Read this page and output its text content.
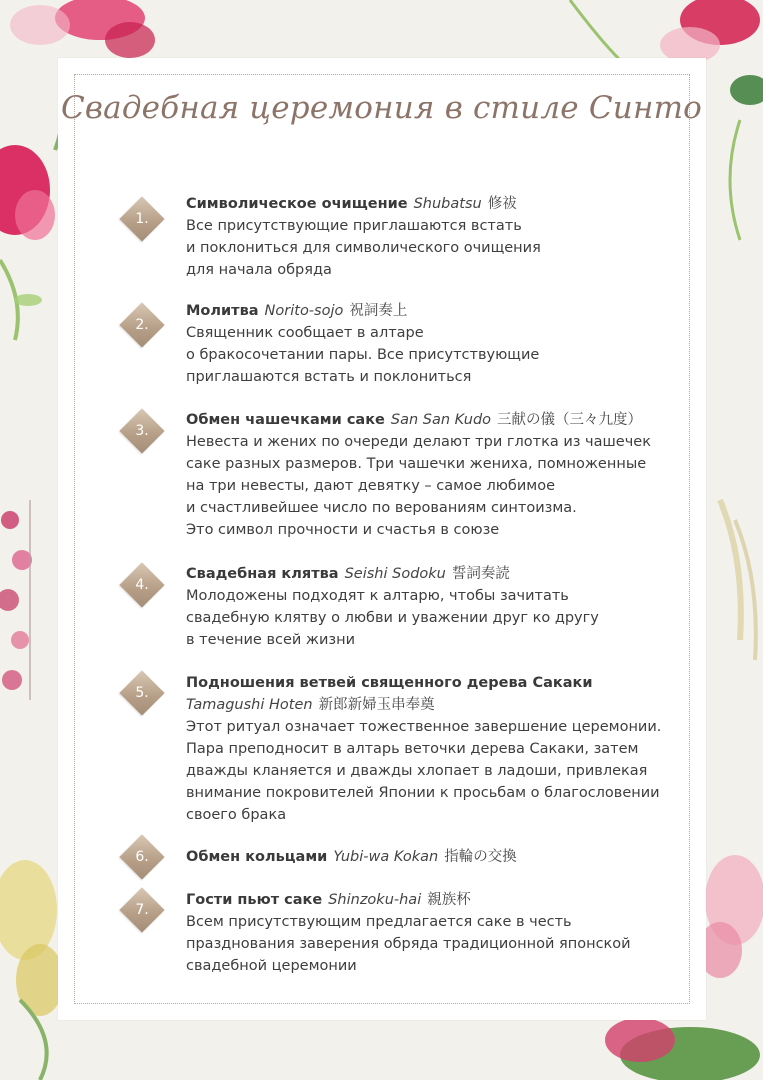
Свадебная церемония в стиле Синто
1.
Символическое очищение Shubatsu 修祓
Все присутствующие приглашаются встать
и поклониться для символического очищения
для начала обряда
2.
Молитва Norito-sojo 祝詞奏上
Священник сообщает в алтаре
о бракосочетании пары. Все присутствующие
приглашаются встать и поклониться
3.
Обмен чашечками саке San San Kudo 三献の儀（三々九度）
Невеста и жених по очереди делают три глотка из чашечек
саке разных размеров. Три чашечки жениха, помноженные
на три невесты, дают девятку – самое любимое
и счастливейшее число по верованиям синтоизма.
Это символ прочности и счастья в союзе
4.
Свадебная клятва Seishi Sodoku 誓詞奏読
Молодожены подходят к алтарю, чтобы зачитать
свадебную клятву о любви и уважении друг ко другу
в течение всей жизни
5.
Подношения ветвей священного дерева Сакаки
Tamagushi Hoten 新郎新婦玉串奉奠
Этот ритуал означает тожественное завершение церемонии.
Пара преподносит в алтарь веточки дерева Сакаки, затем
дважды кланяется и дважды хлопает в ладоши, привлекая
внимание покровителей Японии к просьбам о благословении
своего брака
6.	Обмен кольцами Yubi-wa Kokan 指輪の交換
7.
Гости пьют саке Shinzoku-hai 親族杯
Всем присутствующим предлагается саке в честь
празднования заверения обряда традиционной японской
свадебной церемонии
